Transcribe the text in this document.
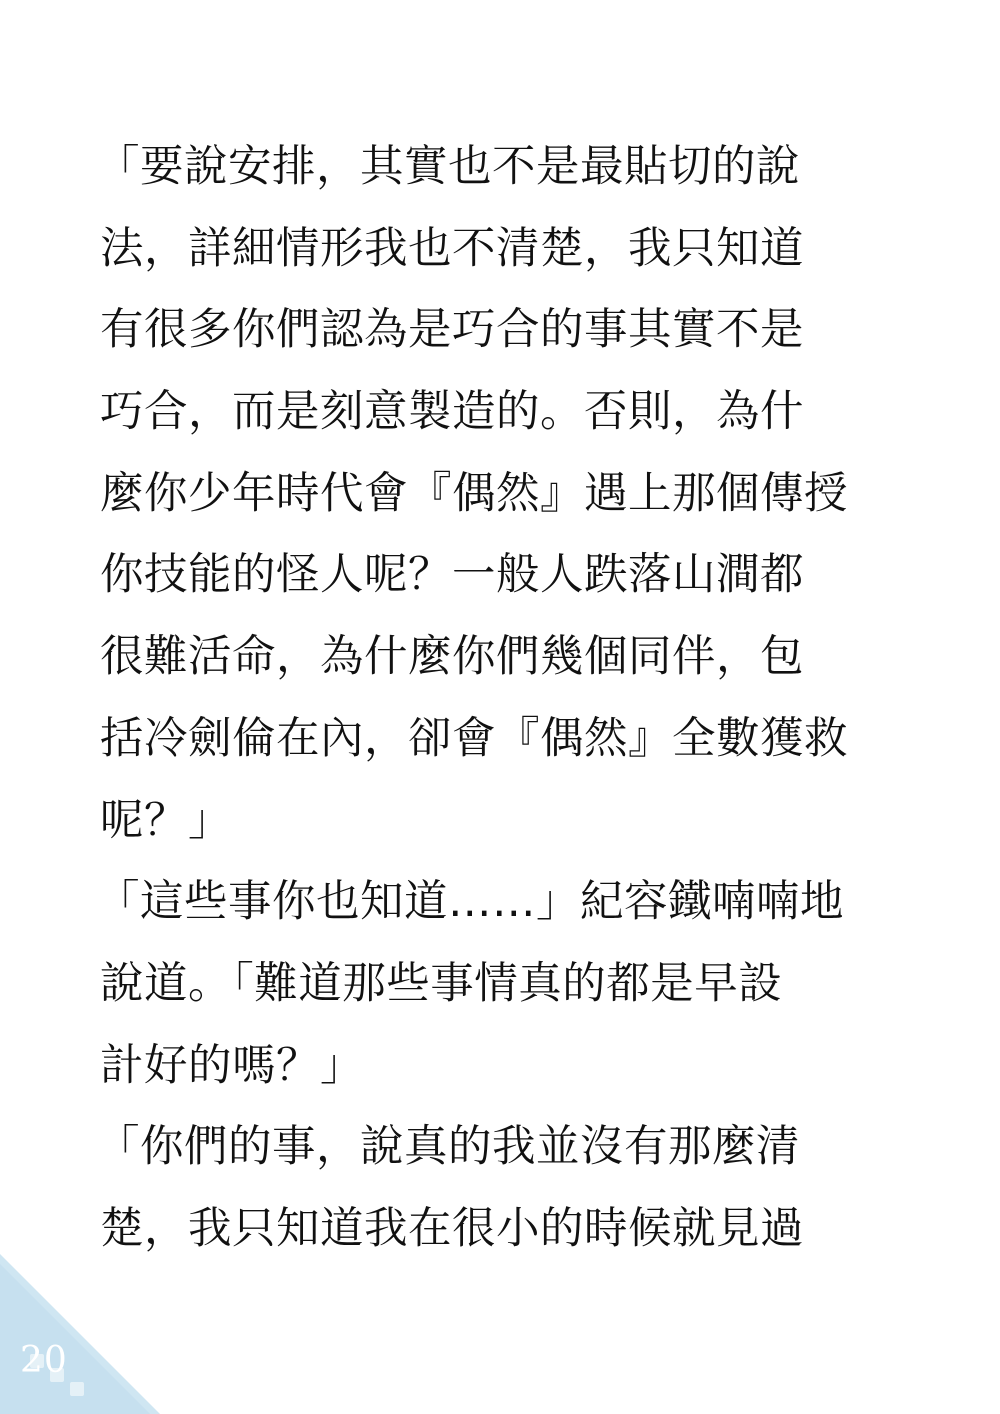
「要說安排，其實也不是最貼切的說
法，詳細情形我也不清楚，我只知道
有很多你們認為是巧合的事其實不是
巧合，而是刻意製造的。否則，為什
麼你少年時代會『偶然』遇上那個傳授
你技能的怪人呢？一般人跌落山澗都
很難活命，為什麼你們幾個同伴，包
括冷劍倫在內，卻會『偶然』全數獲救
呢？」
「這些事你也知道……」紀容鐵喃喃地
說道。「難道那些事情真的都是早設
計好的嗎？」
「你們的事，說真的我並沒有那麼清
楚，我只知道我在很小的時候就見過
20
